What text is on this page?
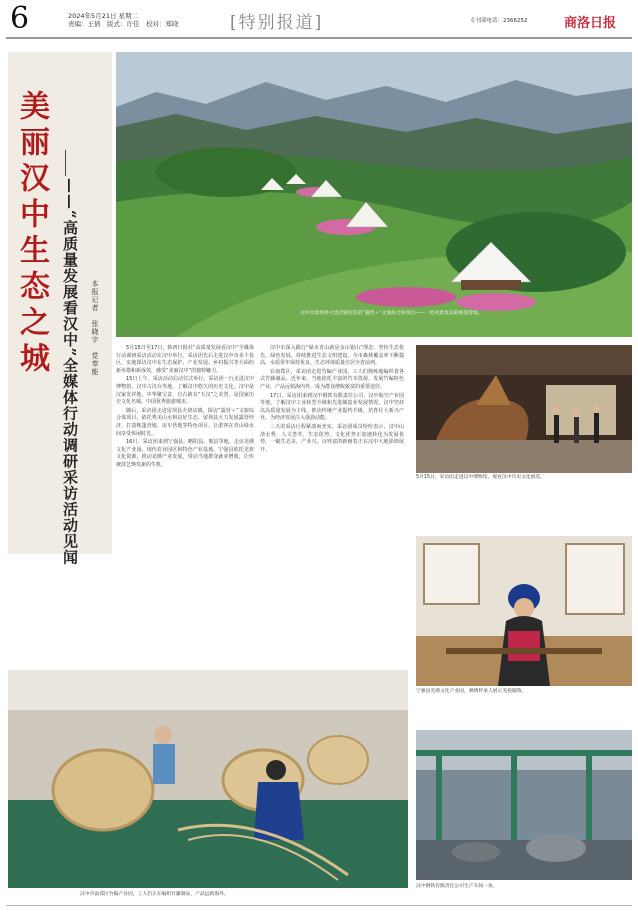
6	2024年5月21日 星期二
责编：王倩　版式：许佳　校对：郑晓	[特别报道]	专刊部电话：2366252	商洛日报
美丽汉中生态之城 ——“高质量发展看汉中”全媒体行动调研采访活动见闻 本报记者　张晓宇　党奉能	汉中市留坝县火烧店镇打造的“露营＋”文旅综合体项目——一处风景优美的帐篷营地。

5月15日至17日，陕西日报社“高质量发展看汉中”全媒体行动调研采访活动在汉中举行，采访团先后走进汉中市多个县区，实地探访汉中在生态保护、产业发展、乡村振兴等方面的新举措和新成效，感受“美丽汉中”的独特魅力。

15日上午，采访活动启动仪式举行。采访团一行走进汉中博物馆、汉中古汉台等地，了解汉中悠久的历史文化。汉中是汉家发祥地、中华聚宝盆，自古就有“天汉”之美誉，是国家历史文化名城、中国优秀旅游城市。

随后，采访团走进留坝县火烧店镇，探访“露营＋”文旅综合体项目。依托秀美山水和良好生态，留坝县大力发展露营经济，打造帐篷营地、房车营地等特色项目，让游客在青山绿水间享受休闲时光。

16日，采访团来到宁强县、略阳县、勉县等地，走访羌绣文化产业园、现代农业园区和特色产业基地。宁强县依托羌族文化资源，推动羌绣产业发展，带动当地群众就业增收，让传统技艺焕发新的生机。

汉中市深入践行“绿水青山就是金山银山”理念，坚持生态优先、绿色发展，持续推进生态文明建设，全市森林覆盖率不断提高，水质常年保持优良，生态环境质量位居全省前列。

在南郑区，采访团走进竹编产业园，工人们熟练地编织着各式竹藤制品。近年来，当地依托丰富的竹木资源，发展竹编特色产业，产品远销海内外，成为群众增收致富的重要途径。

17日，采访团来到汉中钢铁有限责任公司、汉中航空产业园等地，了解汉中工业转型升级和先进制造业发展情况。汉中坚持以高质量发展为主线，推动传统产业提档升级，培育壮大新兴产业，为经济发展注入强劲动能。

三天的采访行程紧凑而充实。采访团成员纷纷表示，汉中山清水秀、人文荟萃，生态优势、文化优势正加速转化为发展优势，一幅生态美、产业兴、百姓富的新画卷正在汉中大地徐徐展开。

5月15日，采访团走进汉中博物馆，观看汉中历史文化展览。
宁强县羌绣文化产业园，刺绣传承人展示羌族服饰。
汉中市南郑区竹编产业园，工人们正在编织竹藤制品，产品远销海外。
汉中钢铁有限责任公司生产车间一角。
